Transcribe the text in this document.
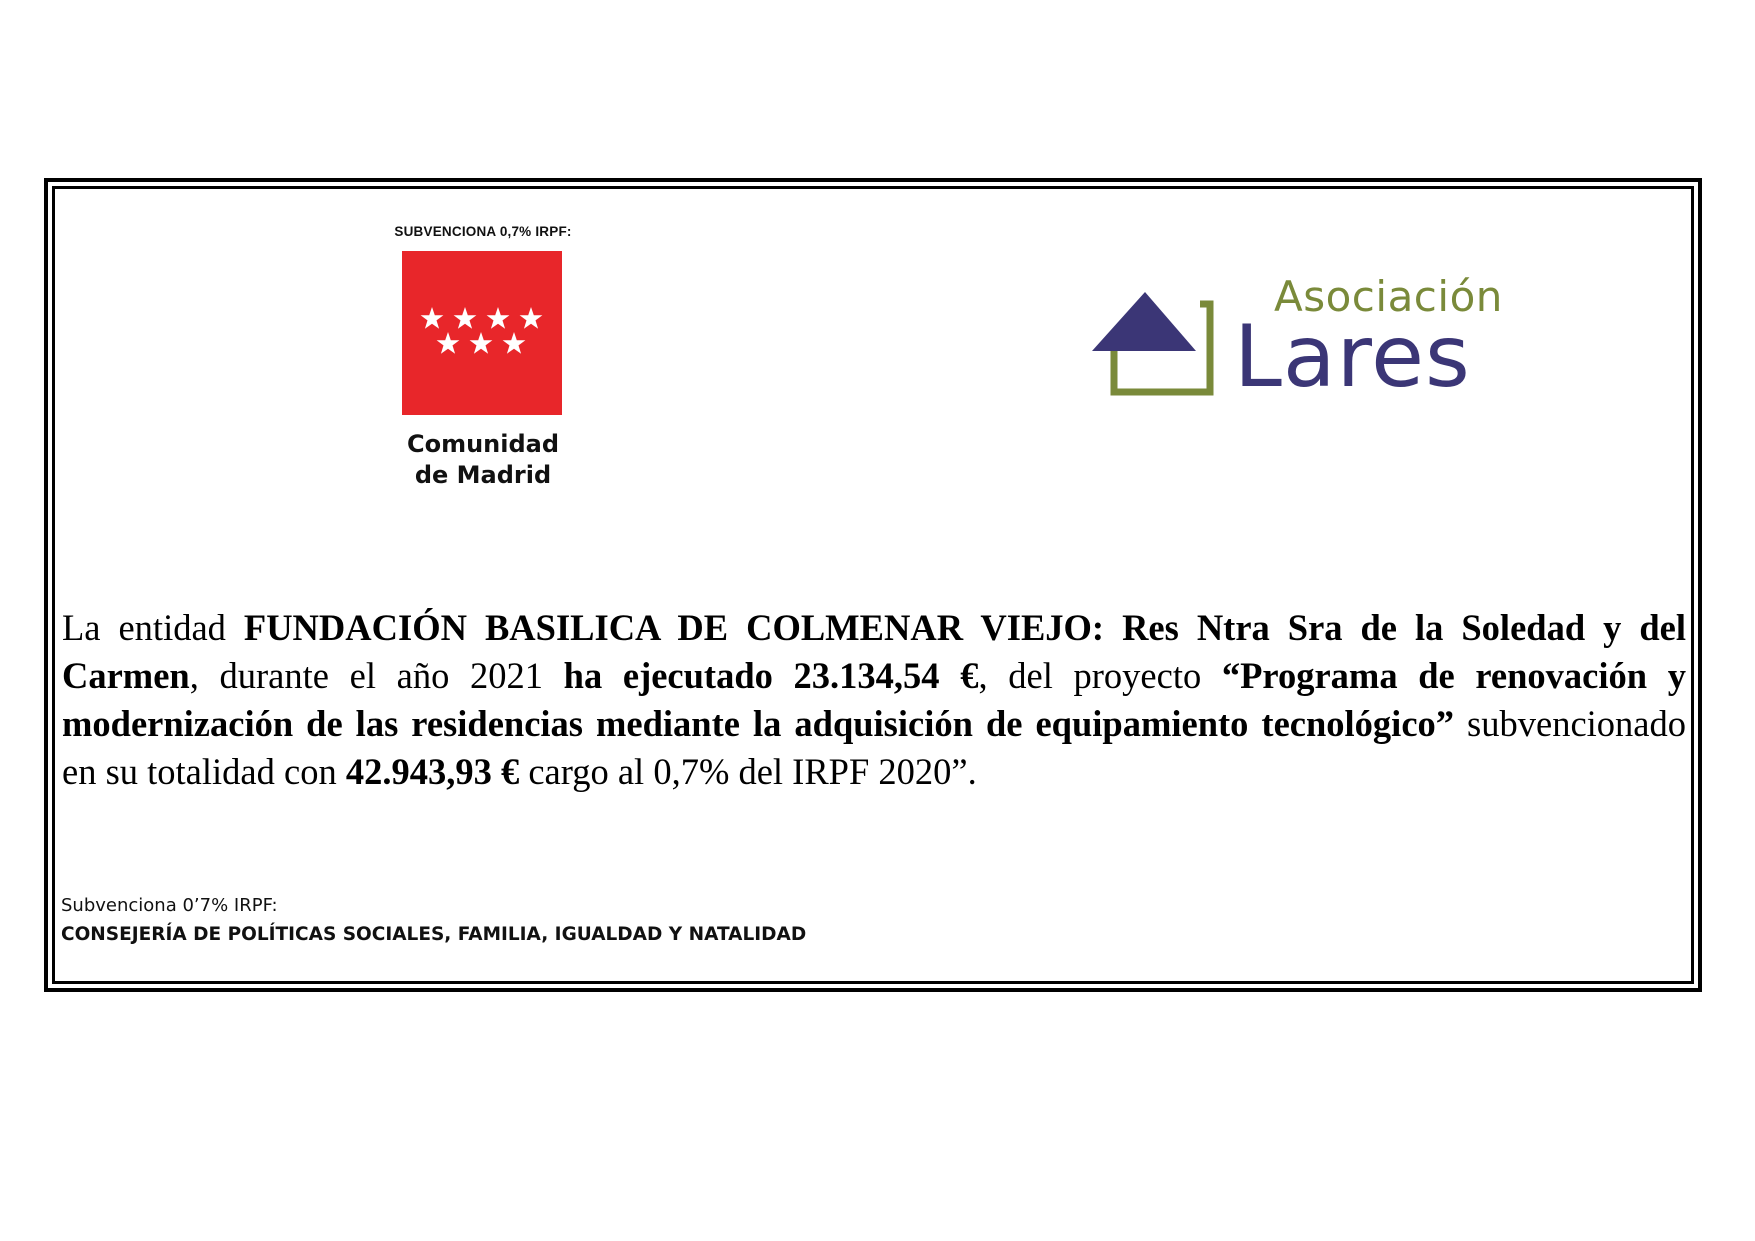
SUBVENCIONA 0,7% IRPF:
Comunidad
de Madrid
Asociación
Lares

La entidad FUNDACIÓN BASILICA DE COLMENAR VIEJO: Res Ntra Sra de la Soledad y del Carmen, durante el año 2021 ha ejecutado 23.134,54 €, del proyecto “Programa de renovación y modernización de las residencias mediante la adquisición de equipamiento tecnológico” subvencionado en su totalidad con 42.943,93 € cargo al 0,7% del IRPF 2020”.

Subvenciona 0’7% IRPF:
CONSEJERÍA DE POLÍTICAS SOCIALES, FAMILIA, IGUALDAD Y NATALIDAD
